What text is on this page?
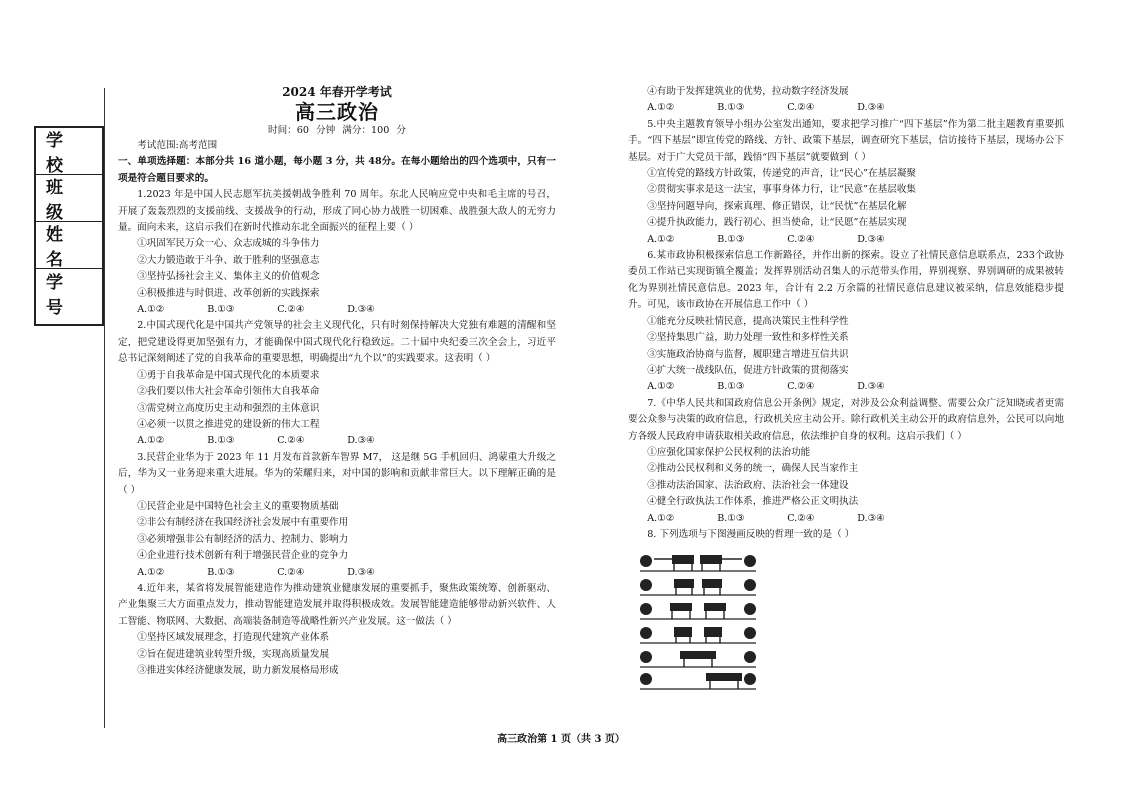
学 校
班 级
姓 名
学 号
2024 年春开学考试
高三政治
时间：60 分钟 满分：100 分
考试范围:高考范围
一、单项选择题：本部分共 16 道小题，每小题 3 分，共 48分。在每小题给出的四个选项中，只有一项是符合题目要求的。
1.2023 年是中国人民志愿军抗美援朝战争胜利 70 周年。东北人民响应党中央和毛主席的号召，开展了轰轰烈烈的支援前线、支援战争的行动，形成了同心协力战胜一切困难、战胜强大敌人的无穷力量。面向未来，这启示我们在新时代推动东北全面振兴的征程上要（ ）
①巩固军民万众一心、众志成城的斗争伟力
②大力锻造敢于斗争、敢于胜利的坚强意志
③坚持弘扬社会主义、集体主义的价值观念
④积极推进与时俱进、改革创新的实践探索
A.①②	B.①③	C.②④	D.③④
2.中国式现代化是中国共产党领导的社会主义现代化，只有时刻保持解决大党独有难题的清醒和坚定，把党建设得更加坚强有力，才能确保中国式现代化行稳致远。二十届中央纪委三次全会上，习近平总书记深刻阐述了党的自我革命的重要思想，明确提出“九个以”的实践要求。这表明（ ）
①勇于自我革命是中国式现代化的本质要求
②我们要以伟大社会革命引领伟大自我革命
③需党树立高度历史主动和强烈的主体意识
④必须一以贯之推进党的建设新的伟大工程
A.①②	B.①③	C.②④	D.③④
3.民营企业华为于 2023 年 11 月发布首款新车智界 M7， 这是继 5G 手机回归、鸿蒙重大升级之后，华为又一业务迎来重大进展。华为的荣耀归来，对中国的影响和贡献非常巨大。以下理解正确的是（ ）
①民营企业是中国特色社会主义的重要物质基础
②非公有制经济在我国经济社会发展中有重要作用
③必须增强非公有制经济的活力、控制力、影响力
④企业进行技术创新有利于增强民营企业的竞争力
A.①②	B.①③	C.②④	D.③④
4.近年来，某省将发展智能建造作为推动建筑业健康发展的重要抓手，聚焦政策统筹、创新驱动、产业集聚三大方面重点发力，推动智能建造发展并取得积极成效。发展智能建造能够带动新兴软件、人工智能、物联网、大数据、高端装备制造等战略性新兴产业发展。这一做法（ ）
①坚持区域发展理念，打造现代建筑产业体系
②旨在促进建筑业转型升级，实现高质量发展
③推进实体经济健康发展，助力新发展格局形成
④有助于发挥建筑业的优势，拉动数字经济发展
A.①②	B.①③	C.②④	D.③④
5.中央主题教育领导小组办公室发出通知，要求把学习推广“四下基层”作为第二批主题教育重要抓手。“四下基层”即宣传党的路线、方针、政策下基层，调查研究下基层，信访接待下基层，现场办公下基层。对于广大党员干部，践悟“四下基层”就要做到（ ）
①宣传党的路线方针政策，传递党的声音，让“民心”在基层凝聚
②贯彻实事求是这一法宝，事事身体力行，让“民意”在基层收集
③坚持问题导向，探索真理、修正错误，让“民忧”在基层化解
④提升执政能力，践行初心、担当使命，让“民愿”在基层实现
A.①②	B.①③	C.②④	D.③④
6.某市政协积极探索信息工作新路径，并作出新的探索。设立了社情民意信息联系点，233个政协委员工作站已实现街镇全覆盖；发挥界别活动召集人的示范带头作用，界别视察、界别调研的成果被转化为界别社情民意信息。2023 年，合计有 2.2 万余篇的社情民意信息建议被采纳，信息效能稳步提升。可见，该市政协在开展信息工作中（ ）
①能充分反映社情民意，提高决策民主性科学性
②坚持集思广益，助力处理一致性和多样性关系
③实施政治协商与监督，履职建言增进互信共识
④扩大统一战线队伍，促进方针政策的贯彻落实
A.①②	B.①③	C.②④	D.③④
7.《中华人民共和国政府信息公开条例》规定，对涉及公众利益调整、需要公众广泛知晓或者更需要公众参与决策的政府信息，行政机关应主动公开。除行政机关主动公开的政府信息外，公民可以向地方各级人民政府申请获取相关政府信息，依法维护自身的权利。这启示我们（ ）
①应强化国家保护公民权利的法治功能
②推动公民权利和义务的统一，确保人民当家作主
③推动法治国家、法治政府、法治社会一体建设
④健全行政执法工作体系，推进严格公正文明执法
A.①②	B.①③	C.②④	D.③④
8. 下列选项与下图漫画反映的哲理一致的是（ ）
高三政治第 1 页（共 3 页）
